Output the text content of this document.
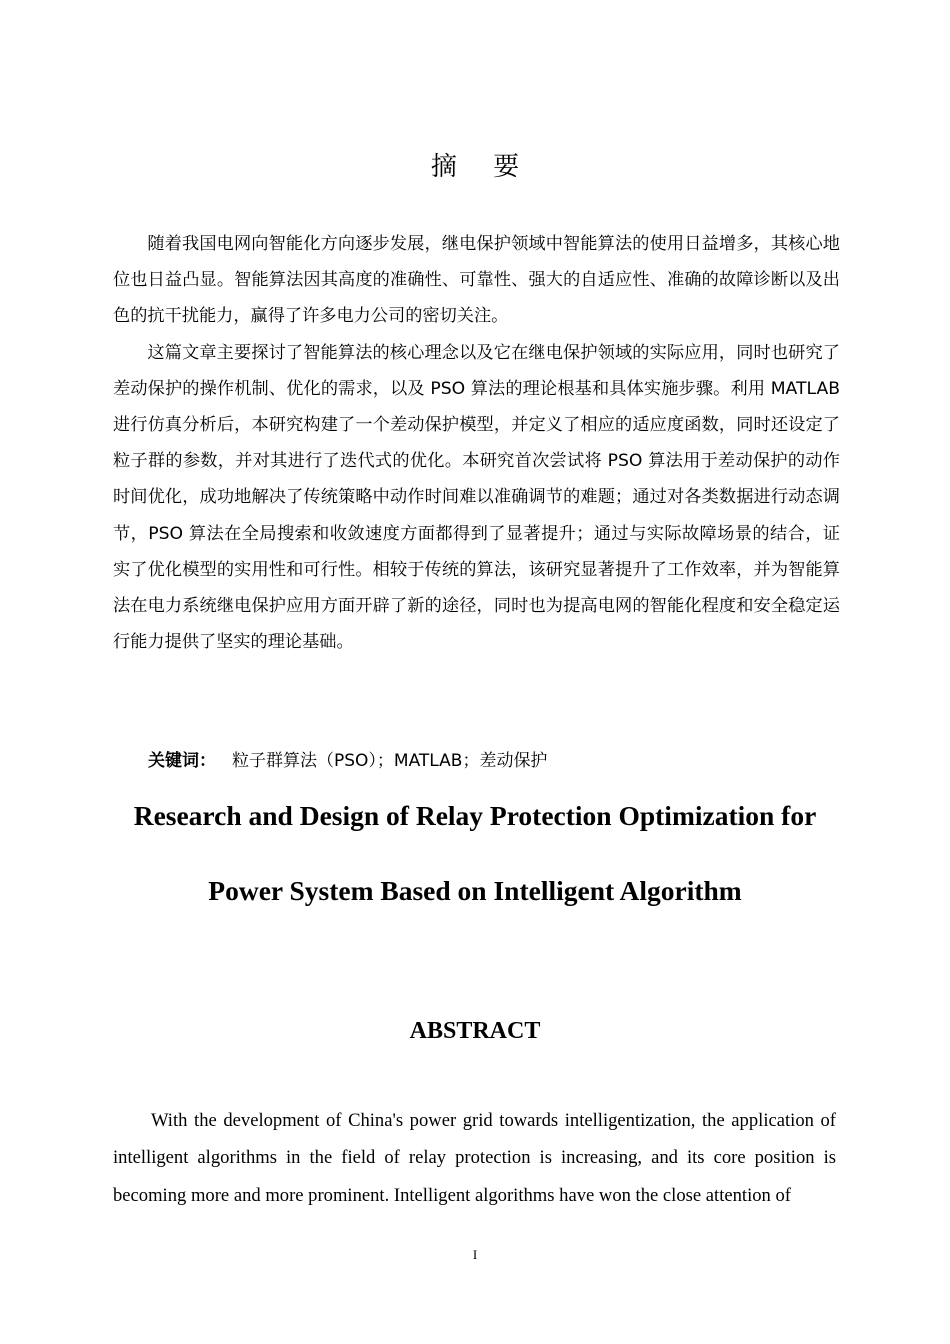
摘 要

随着我国电网向智能化方向逐步发展，继电保护领域中智能算法的使用日益增多，其核心地位也日益凸显。智能算法因其高度的准确性、可靠性、强大的自适应性、准确的故障诊断以及出色的抗干扰能力，赢得了许多电力公司的密切关注。

这篇文章主要探讨了智能算法的核心理念以及它在继电保护领域的实际应用，同时也研究了差动保护的操作机制、优化的需求，以及 PSO 算法的理论根基和具体实施步骤。利用 MATLAB 进行仿真分析后，本研究构建了一个差动保护模型，并定义了相应的适应度函数，同时还设定了粒子群的参数，并对其进行了迭代式的优化。本研究首次尝试将 PSO 算法用于差动保护的动作时间优化，成功地解决了传统策略中动作时间难以准确调节的难题；通过对各类数据进行动态调节，PSO 算法在全局搜索和收敛速度方面都得到了显著提升；通过与实际故障场景的结合，证实了优化模型的实用性和可行性。相较于传统的算法，该研究显著提升了工作效率，并为智能算法在电力系统继电保护应用方面开辟了新的途径，同时也为提高电网的智能化程度和安全稳定运行能力提供了坚实的理论基础。

关键词： 粒子群算法（PSO）；MATLAB；差动保护
Research and Design of Relay Protection Optimization for
Power System Based on Intelligent Algorithm
ABSTRACT

With the development of China's power grid towards intelligentization, the application of intelligent algorithms in the field of relay protection is increasing, and its core position is becoming more and more prominent. Intelligent algorithms have won the close attention of

I
